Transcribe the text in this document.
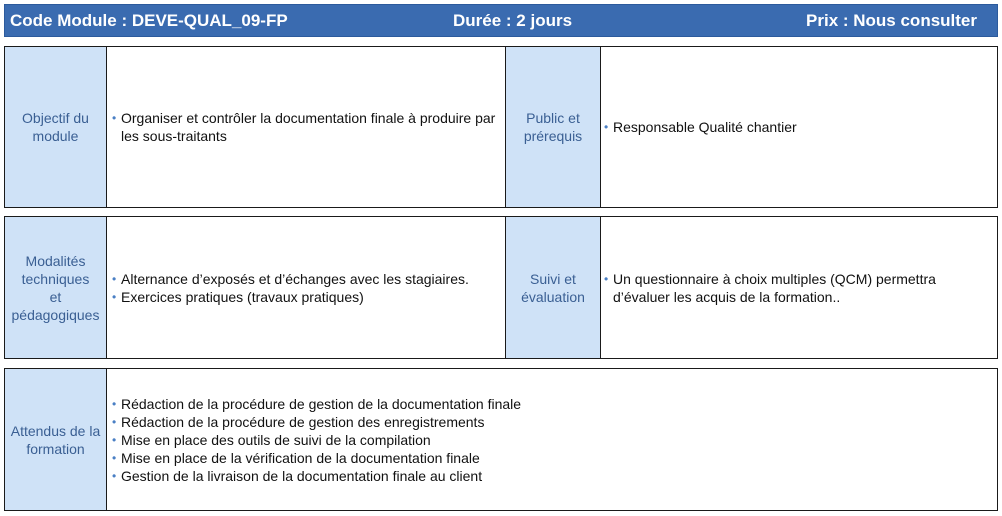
Code Module : DEVE-QUAL_09-FP	Durée : 2 jours	Prix : Nous consulter
Objectif du
module
• Organiser et contrôler la documentation finale à produire par les sous-traitants
Public et
prérequis
• Responsable Qualité chantier
Modalités
techniques
et
pédagogiques
• Alternance d’exposés et d’échanges avec les stagiaires.
• Exercices pratiques (travaux pratiques)
Suivi et
évaluation
• Un questionnaire à choix multiples (QCM) permettra d’évaluer les acquis de la formation..
Attendus de la
formation
• Rédaction de la procédure de gestion de la documentation finale
• Rédaction de la procédure de gestion des enregistrements
• Mise en place des outils de suivi de la compilation
• Mise en place de la vérification de la documentation finale
• Gestion de la livraison de la documentation finale au client
